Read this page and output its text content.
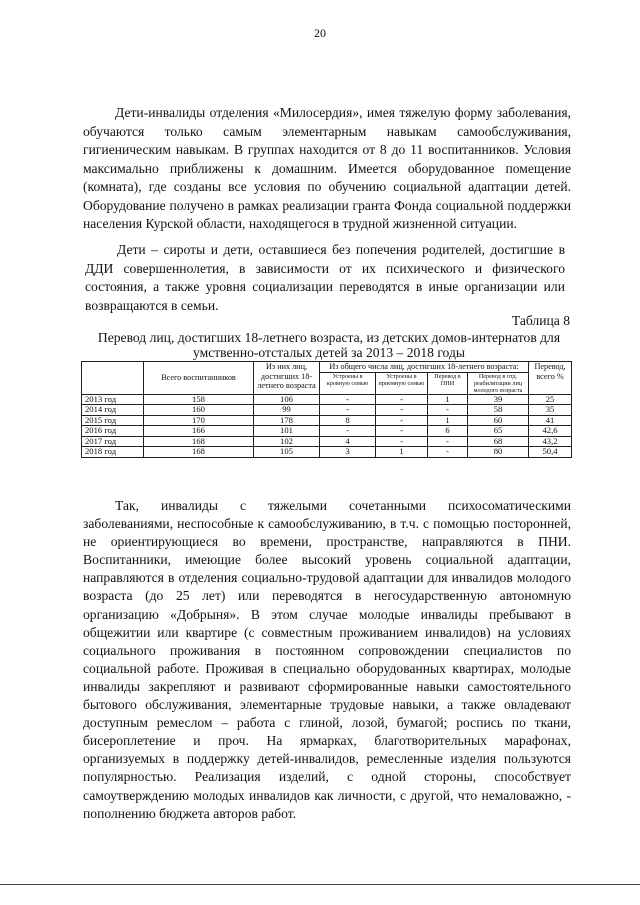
20

Дети-инвалиды отделения «Милосердия», имея тяжелую форму заболевания, обучаются только самым элементарным навыкам самообслуживания, гигиеническим навыкам. В группах находится от 8 до 11 воспитанников. Условия максимально приближены к домашним. Имеется оборудованное помещение (комната), где созданы все условия по обучению социальной адаптации детей. Оборудование получено в рамках реализации гранта Фонда социальной поддержки населения Курской области, находящегося в трудной жизненной ситуации.

Дети – сироты и дети, оставшиеся без попечения родителей, достигшие в ДДИ совершеннолетия, в зависимости от их психического и физического состояния, а также уровня социализации переводятся в иные организации или возвращаются в семьи.

Таблица 8
Перевод лиц, достигших 18-летнего возраста, из детских домов-интернатов для умственно-отсталых детей за 2013 – 2018 годы
	Всего воспитанников	Из них лиц, достигших 18-летнего возраста	Из общего числа лиц, достигших 18-летнего возраста:				Перевод, всего %
			Устроены в кровную семью	Устроены в приемную семью	Перевод в ПНИ	Перевод в отд. реабилитации лиц молодого возраста	
2013 год	158	106	-	-	1	39	25
2014 год	160	99	-	-	-	58	35
2015 год	170	178	8	-	1	60	41
2016 год	166	101	-	-	6	65	42,6
2017 год	168	102	4	-	-	68	43,2
2018 год	168	105	3	1	-	80	50,4

Так, инвалиды с тяжелыми сочетанными психосоматическими заболеваниями, неспособные к самообслуживанию, в т.ч. с помощью посторонней, не ориентирующиеся во времени, пространстве, направляются в ПНИ. Воспитанники, имеющие более высокий уровень социальной адаптации, направляются в отделения социально-трудовой адаптации для инвалидов молодого возраста (до 25 лет) или переводятся в негосударственную автономную организацию «Добрыня». В этом случае молодые инвалиды пребывают в общежитии или квартире (с совместным проживанием инвалидов) на условиях социального проживания в постоянном сопровождении специалистов по социальной работе. Проживая в специально оборудованных квартирах, молодые инвалиды закрепляют и развивают сформированные навыки самостоятельного бытового обслуживания, элементарные трудовые навыки, а также овладевают доступным ремеслом – работа с глиной, лозой, бумагой; роспись по ткани, бисероплетение и проч. На ярмарках, благотворительных марафонах, организуемых в поддержку детей-инвалидов, ремесленные изделия пользуются популярностью. Реализация изделий, с одной стороны, способствует самоутверждению молодых инвалидов как личности, с другой, что немаловажно, - пополнению бюджета авторов работ.
